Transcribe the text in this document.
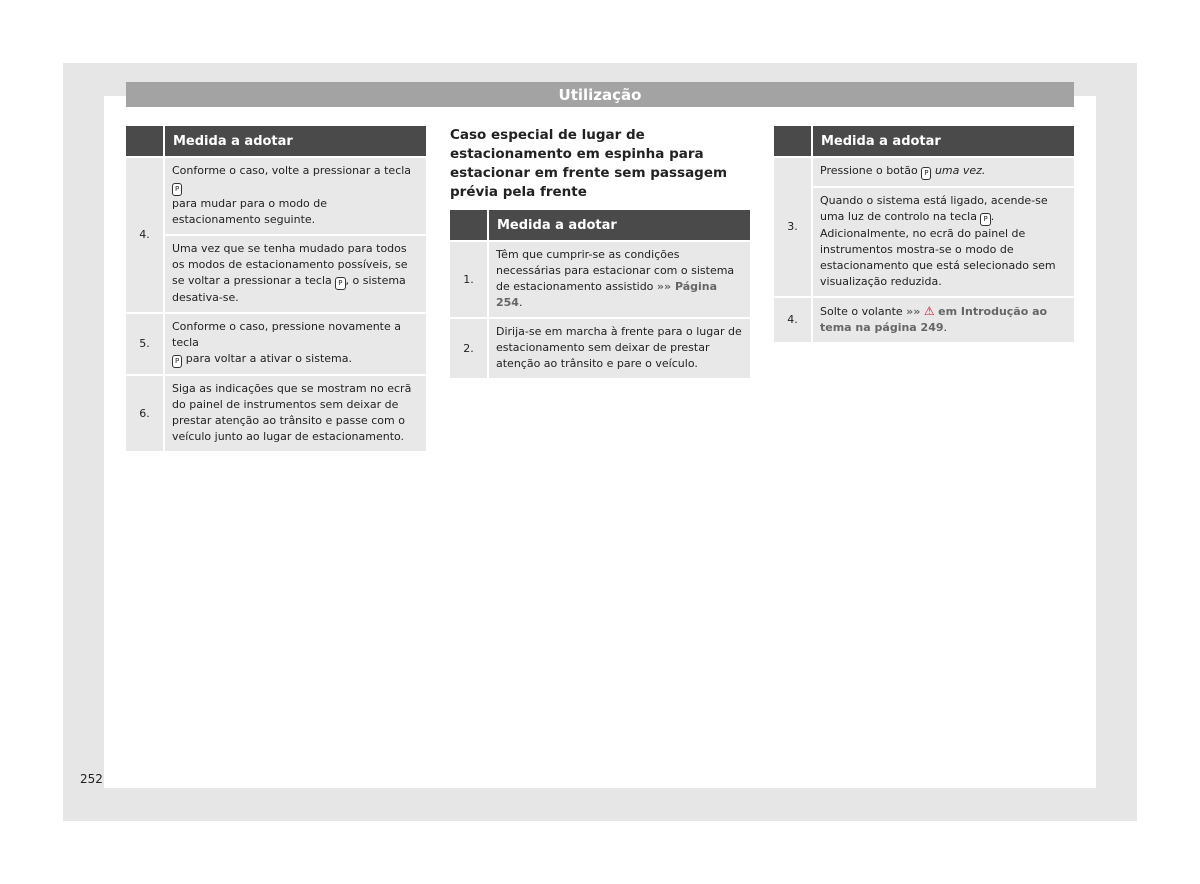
Utilização
	Medida a adotar
4.	Conforme o caso, volte a pressionar a tecla P
para mudar para o modo de estacionamento seguinte.
	Uma vez que se tenha mudado para todos os modos de estacionamento possíveis, se se voltar a pressionar a tecla P , o sistema desativa-se.
5.	Conforme o caso, pressione novamente a tecla
P para voltar a ativar o sistema.
6.	Siga as indicações que se mostram no ecrã do painel de instrumentos sem deixar de prestar atenção ao trânsito e passe com o veículo junto ao lugar de estacionamento.
Caso especial de lugar de estacionamento em espinha para estacionar em frente sem passagem prévia pela frente
	Medida a adotar
1.	Têm que cumprir-se as condições necessárias para estacionar com o sistema de estacionamento assistido »» Página 254.
2.	Dirija-se em marcha à frente para o lugar de estacionamento sem deixar de prestar atenção ao trânsito e pare o veículo.
	Medida a adotar
3.	Pressione o botão P uma vez.
	Quando o sistema está ligado, acende-se uma luz de controlo na tecla P . Adicionalmente, no ecrã do painel de instrumentos mostra-se o modo de estacionamento que está selecionado sem visualização reduzida.
4.	Solte o volante »» ⚠ em Introdução ao tema na página 249.
252
